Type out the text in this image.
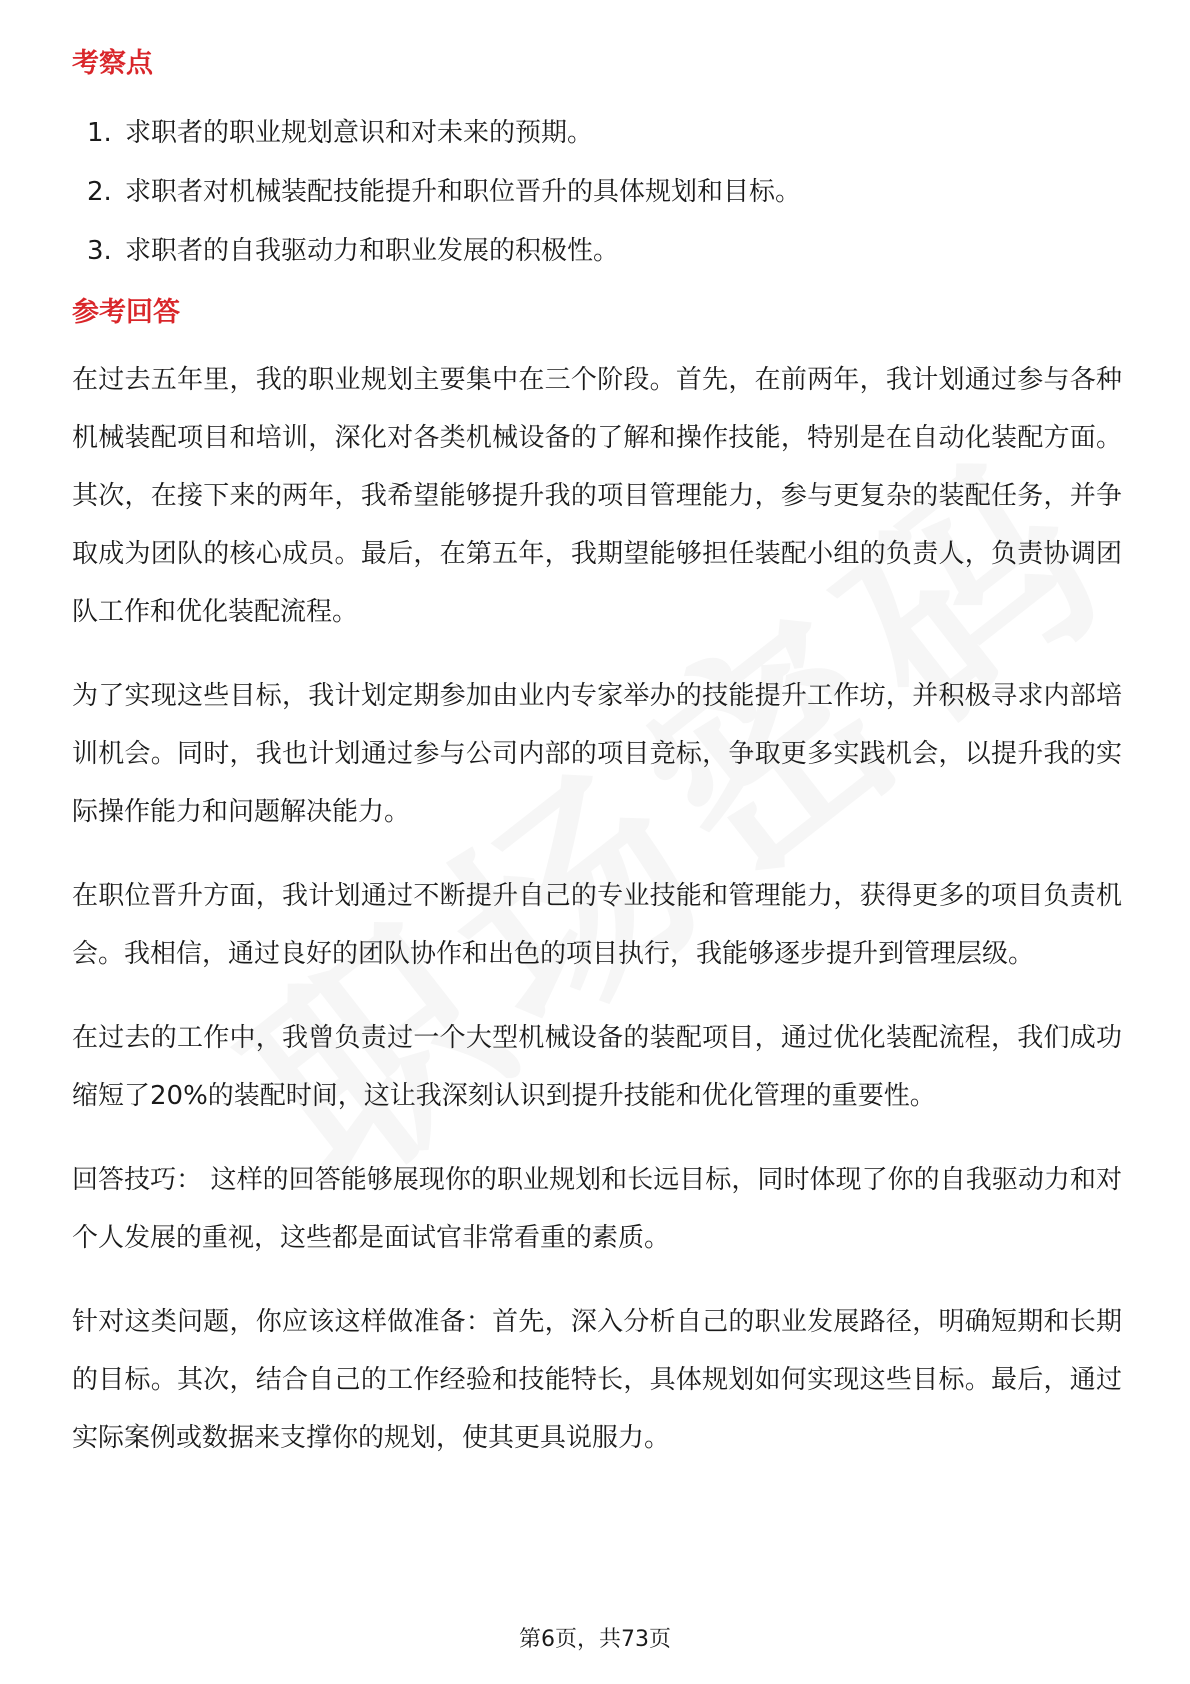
考察点
1. 求职者的职业规划意识和对未来的预期。
2. 求职者对机械装配技能提升和职位晋升的具体规划和目标。
3. 求职者的自我驱动力和职业发展的积极性。
参考回答

在过去五年里，我的职业规划主要集中在三个阶段。首先，在前两年，我计划通过参与各种机械装配项目和培训，深化对各类机械设备的了解和操作技能，特别是在自动化装配方面。其次，在接下来的两年，我希望能够提升我的项目管理能力，参与更复杂的装配任务，并争取成为团队的核心成员。最后，在第五年，我期望能够担任装配小组的负责人，负责协调团队工作和优化装配流程。

为了实现这些目标，我计划定期参加由业内专家举办的技能提升工作坊，并积极寻求内部培训机会。同时，我也计划通过参与公司内部的项目竞标，争取更多实践机会，以提升我的实际操作能力和问题解决能力。

在职位晋升方面，我计划通过不断提升自己的专业技能和管理能力，获得更多的项目负责机会。我相信，通过良好的团队协作和出色的项目执行，我能够逐步提升到管理层级。

在过去的工作中，我曾负责过一个大型机械设备的装配项目，通过优化装配流程，我们成功缩短了20%的装配时间，这让我深刻认识到提升技能和优化管理的重要性。

回答技巧： 这样的回答能够展现你的职业规划和长远目标，同时体现了你的自我驱动力和对个人发展的重视，这些都是面试官非常看重的素质。

针对这类问题，你应该这样做准备：首先，深入分析自己的职业发展路径，明确短期和长期的目标。其次，结合自己的工作经验和技能特长，具体规划如何实现这些目标。最后，通过实际案例或数据来支撑你的规划，使其更具说服力。

第6页，共73页
